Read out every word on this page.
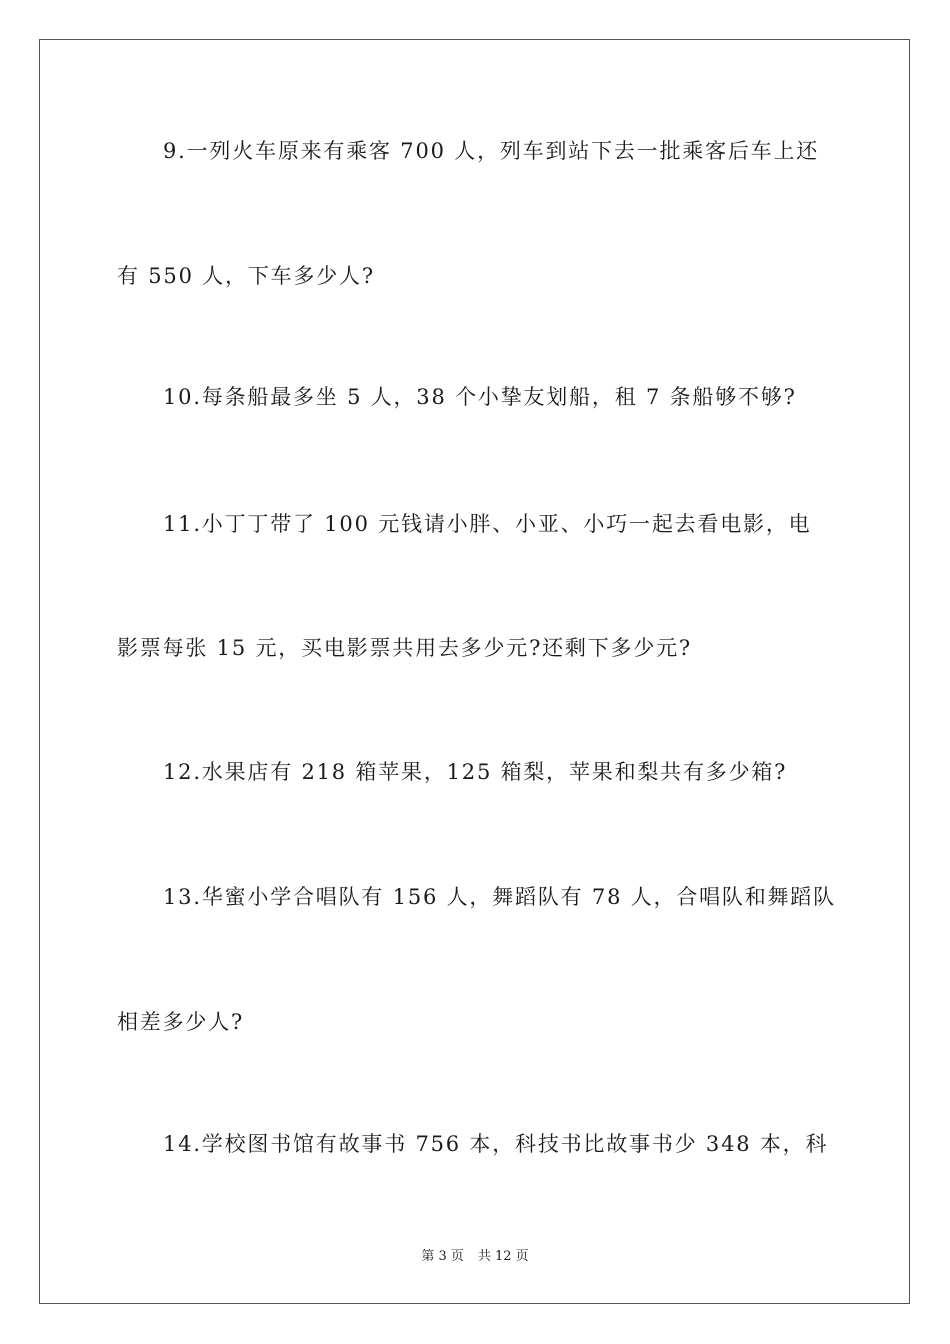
9.一列火车原来有乘客 700 人，列车到站下去一批乘客后车上还
有 550 人，下车多少人?
10.每条船最多坐 5 人，38 个小挚友划船，租 7 条船够不够?
11.小丁丁带了 100 元钱请小胖、小亚、小巧一起去看电影，电
影票每张 15 元，买电影票共用去多少元?还剩下多少元?
12.水果店有 218 箱苹果，125 箱梨，苹果和梨共有多少箱?
13.华蜜小学合唱队有 156 人，舞蹈队有 78 人，合唱队和舞蹈队
相差多少人?
14.学校图书馆有故事书 756 本，科技书比故事书少 348 本，科
第 3 页 共 12 页
